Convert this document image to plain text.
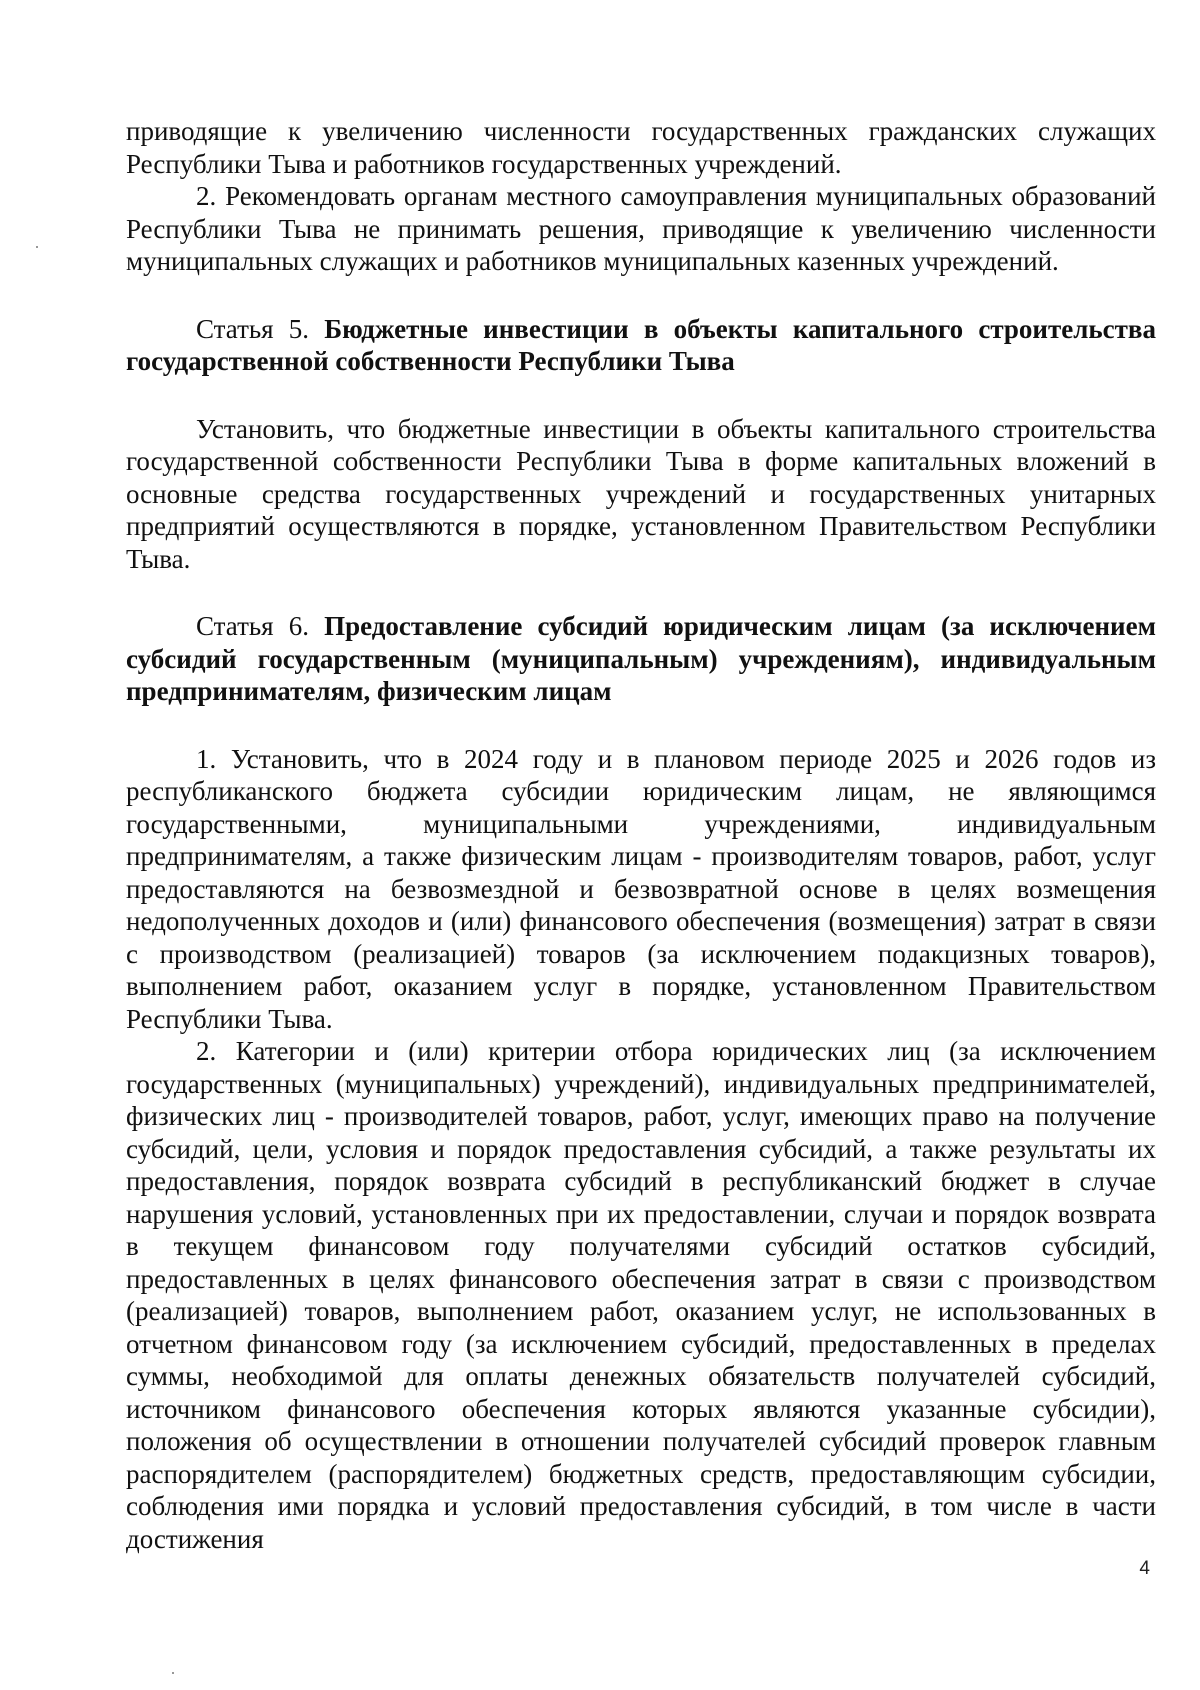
приводящие к увеличению численности государственных гражданских служащих Республики Тыва и работников государственных учреждений.

2. Рекомендовать органам местного самоуправления муниципальных образований Республики Тыва не принимать решения, приводящие к увеличению численности муниципальных служащих и работников муниципальных казенных учреждений.

Статья 5. Бюджетные инвестиции в объекты капитального строительства государственной собственности Республики Тыва

Установить, что бюджетные инвестиции в объекты капитального строительства государственной собственности Республики Тыва в форме капитальных вложений в основные средства государственных учреждений и государственных унитарных предприятий осуществляются в порядке, установленном Правительством Республики Тыва.

Статья 6. Предоставление субсидий юридическим лицам (за исключением субсидий государственным (муниципальным) учреждениям), индивидуальным предпринимателям, физическим лицам

1. Установить, что в 2024 году и в плановом периоде 2025 и 2026 годов из республиканского бюджета субсидии юридическим лицам, не являющимся государственными, муниципальными учреждениями, индивидуальным предпринимателям, а также физическим лицам - производителям товаров, работ, услуг предоставляются на безвозмездной и безвозвратной основе в целях возмещения недополученных доходов и (или) финансового обеспечения (возмещения) затрат в связи с производством (реализацией) товаров (за исключением подакцизных товаров), выполнением работ, оказанием услуг в порядке, установленном Правительством Республики Тыва.

2. Категории и (или) критерии отбора юридических лиц (за исключением государственных (муниципальных) учреждений), индивидуальных предпринимателей, физических лиц - производителей товаров, работ, услуг, имеющих право на получение субсидий, цели, условия и порядок предоставления субсидий, а также результаты их предоставления, порядок возврата субсидий в республиканский бюджет в случае нарушения условий, установленных при их предоставлении, случаи и порядок возврата в текущем финансовом году получателями субсидий остатков субсидий, предоставленных в целях финансового обеспечения затрат в связи с производством (реализацией) товаров, выполнением работ, оказанием услуг, не использованных в отчетном финансовом году (за исключением субсидий, предоставленных в пределах суммы, необходимой для оплаты денежных обязательств получателей субсидий, источником финансового обеспечения которых являются указанные субсидии), положения об осуществлении в отношении получателей субсидий проверок главным распорядителем (распорядителем) бюджетных средств, предоставляющим субсидии, соблюдения ими порядка и условий предоставления субсидий, в том числе в части достижения

4
